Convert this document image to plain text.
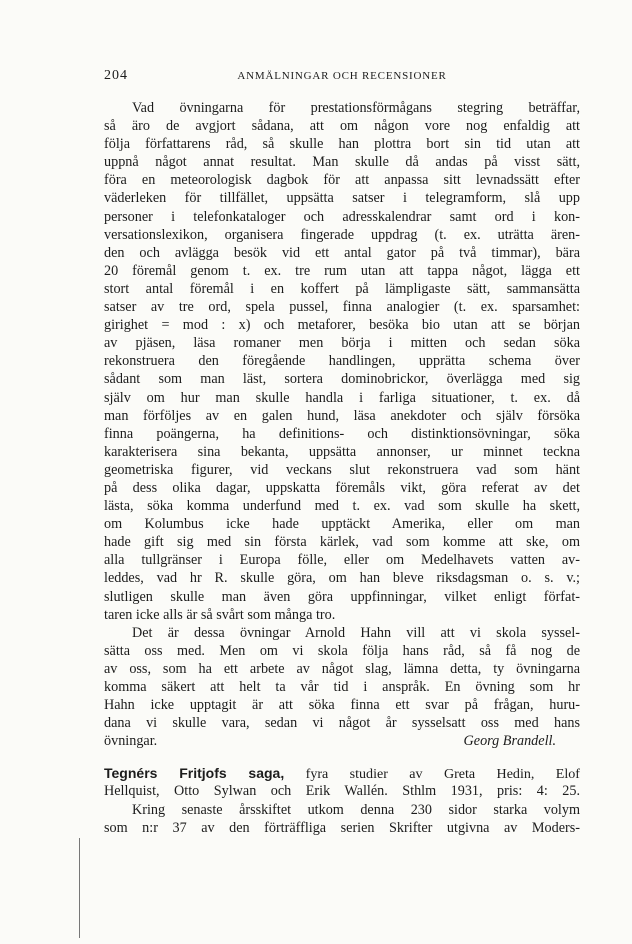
204	ANMÄLNINGAR OCH RECENSIONER
Vad övningarna för prestationsförmågans stegring beträffar,
så äro de avgjort sådana, att om någon vore nog enfaldig att
följa författarens råd, så skulle han plottra bort sin tid utan att
uppnå något annat resultat. Man skulle då andas på visst sätt,
föra en meteorologisk dagbok för att anpassa sitt levnadssätt efter
väderleken för tillfället, uppsätta satser i telegramform, slå upp
personer i telefonkataloger och adresskalendrar samt ord i kon-
versationslexikon, organisera fingerade uppdrag (t. ex. uträtta ären-
den och avlägga besök vid ett antal gator på två timmar), bära
20 föremål genom t. ex. tre rum utan att tappa något, lägga ett
stort antal föremål i en koffert på lämpligaste sätt, sammansätta
satser av tre ord, spela pussel, finna analogier (t. ex. sparsamhet:
girighet = mod : x) och metaforer, besöka bio utan att se början
av pjäsen, läsa romaner men börja i mitten och sedan söka
rekonstruera den föregående handlingen, upprätta schema över
sådant som man läst, sortera dominobrickor, överlägga med sig
själv om hur man skulle handla i farliga situationer, t. ex. då
man förföljes av en galen hund, läsa anekdoter och själv försöka
finna poängerna, ha definitions- och distinktionsövningar, söka
karakterisera sina bekanta, uppsätta annonser, ur minnet teckna
geometriska figurer, vid veckans slut rekonstruera vad som hänt
på dess olika dagar, uppskatta föremåls vikt, göra referat av det
lästa, söka komma underfund med t. ex. vad som skulle ha skett,
om Kolumbus icke hade upptäckt Amerika, eller om man
hade gift sig med sin första kärlek, vad som komme att ske, om
alla tullgränser i Europa fölle, eller om Medelhavets vatten av-
leddes, vad hr R. skulle göra, om han bleve riksdagsman o. s. v.;
slutligen skulle man även göra uppfinningar, vilket enligt förfat-
taren icke alls är så svårt som många tro.
Det är dessa övningar Arnold Hahn vill att vi skola syssel-
sätta oss med. Men om vi skola följa hans råd, så få nog de
av oss, som ha ett arbete av något slag, lämna detta, ty övningarna
komma säkert att helt ta vår tid i anspråk. En övning som hr
Hahn icke upptagit är att söka finna ett svar på frågan, huru-
dana vi skulle vara, sedan vi något år sysselsatt oss med hans
övningar.	Georg Brandell.
Tegnérs Fritjofs saga, fyra studier av Greta Hedin, Elof
Hellquist, Otto Sylwan och Erik Wallén. Sthlm 1931, pris: 4: 25.
Kring senaste årsskiftet utkom denna 230 sidor starka volym
som n:r 37 av den förträffliga serien Skrifter utgivna av Moders-
